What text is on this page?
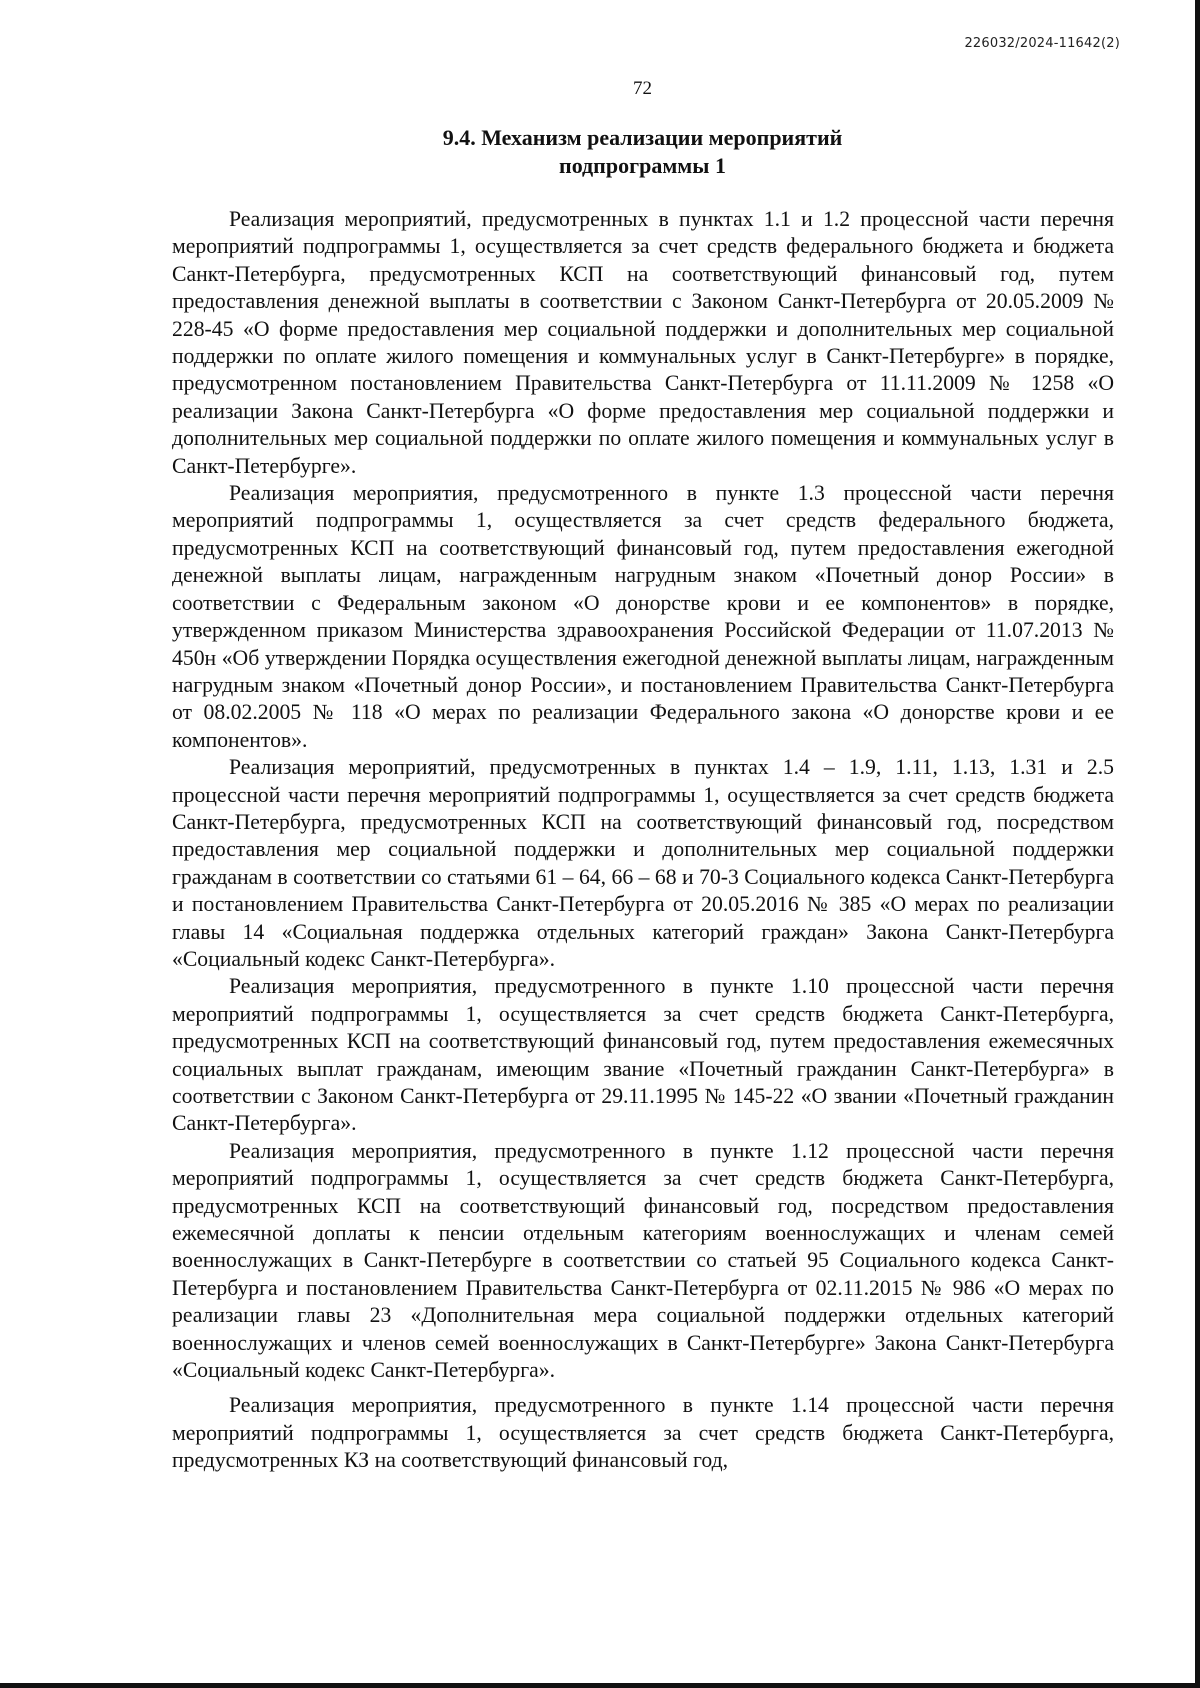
226032/2024-11642(2)
72
9.4. Механизм реализации мероприятий
подпрограммы 1

Реализация мероприятий, предусмотренных в пунктах 1.1 и 1.2 процессной части перечня мероприятий подпрограммы 1, осуществляется за счет средств федерального бюджета и бюджета Санкт-Петербурга, предусмотренных КСП на соответствующий финансовый год, путем предоставления денежной выплаты в соответствии с Законом Санкт-Петербурга от 20.05.2009 № 228-45 «О форме предоставления мер социальной поддержки и дополнительных мер социальной поддержки по оплате жилого помещения и коммунальных услуг в Санкт-Петербурге» в порядке, предусмотренном постановлением Правительства Санкт-Петербурга от 11.11.2009 № 1258 «О реализации Закона Санкт-Петербурга «О форме предоставления мер социальной поддержки и дополнительных мер социальной поддержки по оплате жилого помещения и коммунальных услуг в Санкт-Петербурге».

Реализация мероприятия, предусмотренного в пункте 1.3 процессной части перечня мероприятий подпрограммы 1, осуществляется за счет средств федерального бюджета, предусмотренных КСП на соответствующий финансовый год, путем предоставления ежегодной денежной выплаты лицам, награжденным нагрудным знаком «Почетный донор России» в соответствии с Федеральным законом «О донорстве крови и ее компонентов» в порядке, утвержденном приказом Министерства здравоохранения Российской Федерации от 11.07.2013 № 450н «Об утверждении Порядка осуществления ежегодной денежной выплаты лицам, награжденным нагрудным знаком «Почетный донор России», и постановлением Правительства Санкт-Петербурга от 08.02.2005 № 118 «О мерах по реализации Федерального закона «О донорстве крови и ее компонентов».

Реализация мероприятий, предусмотренных в пунктах 1.4 – 1.9, 1.11, 1.13, 1.31 и 2.5 процессной части перечня мероприятий подпрограммы 1, осуществляется за счет средств бюджета Санкт-Петербурга, предусмотренных КСП на соответствующий финансовый год, посредством предоставления мер социальной поддержки и дополнительных мер социальной поддержки гражданам в соответствии со статьями 61 – 64, 66 – 68 и 70-3 Социального кодекса Санкт-Петербурга и постановлением Правительства Санкт-Петербурга от 20.05.2016 № 385 «О мерах по реализации главы 14 «Социальная поддержка отдельных категорий граждан» Закона Санкт-Петербурга «Социальный кодекс Санкт-Петербурга».

Реализация мероприятия, предусмотренного в пункте 1.10 процессной части перечня мероприятий подпрограммы 1, осуществляется за счет средств бюджета Санкт-Петербурга, предусмотренных КСП на соответствующий финансовый год, путем предоставления ежемесячных социальных выплат гражданам, имеющим звание «Почетный гражданин Санкт-Петербурга» в соответствии с Законом Санкт-Петербурга от 29.11.1995 № 145-22 «О звании «Почетный гражданин Санкт-Петербурга».

Реализация мероприятия, предусмотренного в пункте 1.12 процессной части перечня мероприятий подпрограммы 1, осуществляется за счет средств бюджета Санкт-Петербурга, предусмотренных КСП на соответствующий финансовый год, посредством предоставления ежемесячной доплаты к пенсии отдельным категориям военнослужащих и членам семей военнослужащих в Санкт-Петербурге в соответствии со статьей 95 Социального кодекса Санкт-Петербурга и постановлением Правительства Санкт-Петербурга от 02.11.2015 № 986 «О мерах по реализации главы 23 «Дополнительная мера социальной поддержки отдельных категорий военнослужащих и членов семей военнослужащих в Санкт-Петербурге» Закона Санкт-Петербурга «Социальный кодекс Санкт-Петербурга».

Реализация мероприятия, предусмотренного в пункте 1.14 процессной части перечня мероприятий подпрограммы 1, осуществляется за счет средств бюджета Санкт-Петербурга, предусмотренных КЗ на соответствующий финансовый год,
